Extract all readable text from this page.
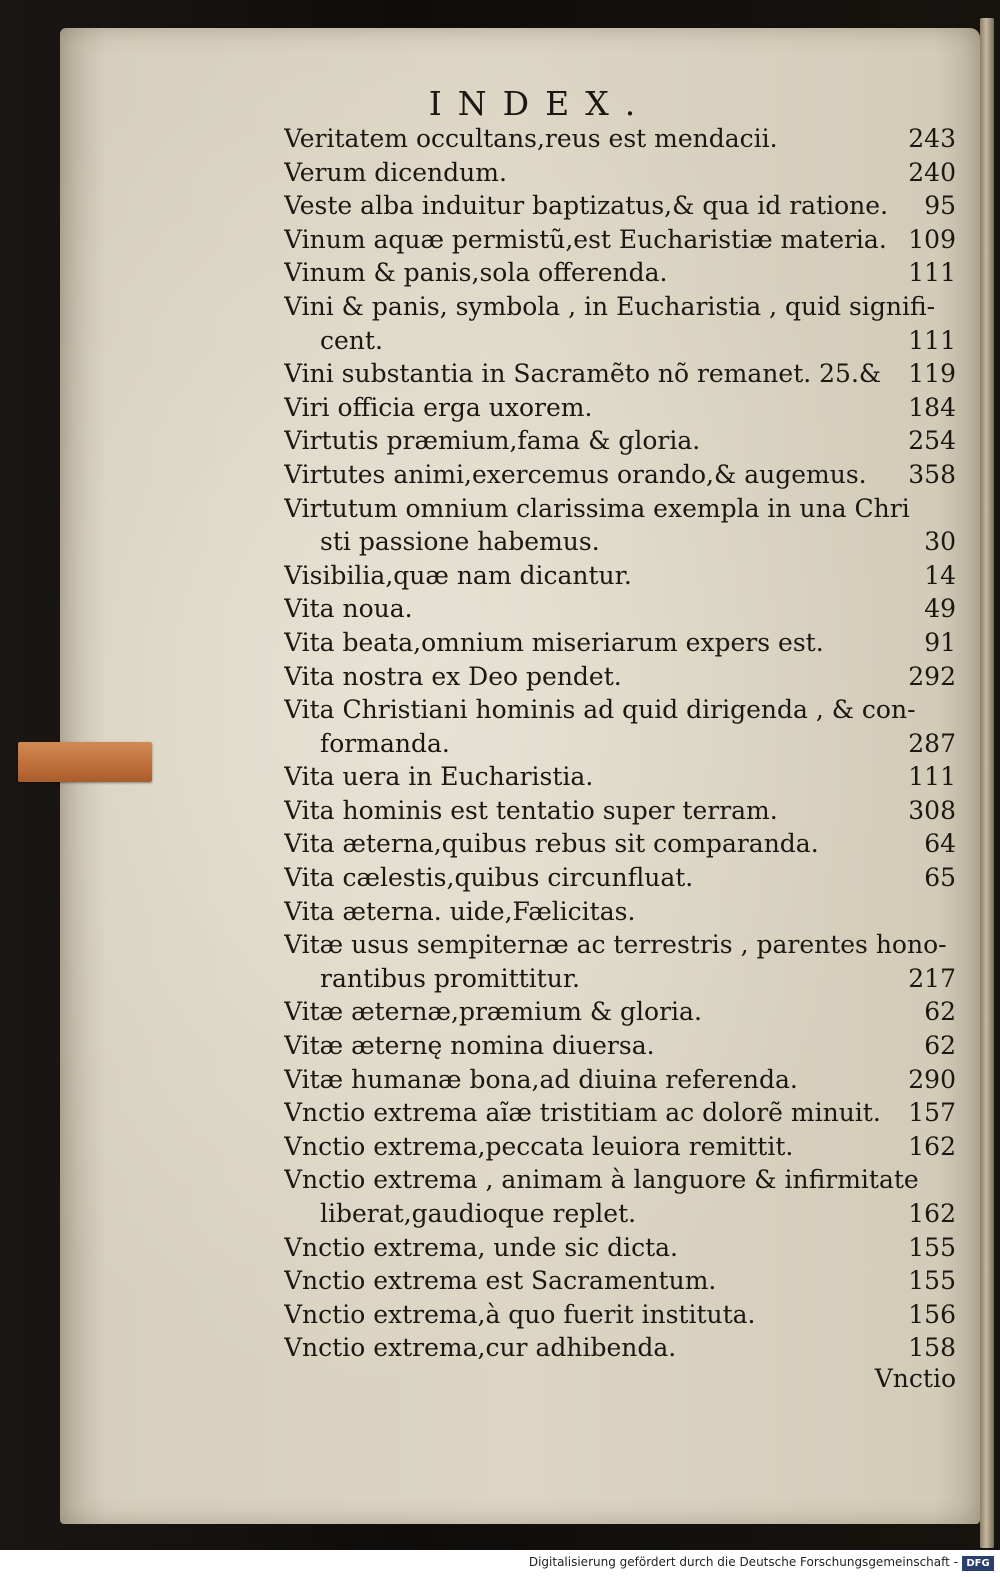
INDEX.
Veritatem occultans,reus est mendacii.	243
Verum dicendum.	240
Veste alba induitur baptizatus,& qua id ratione.	95
Vinum aquæ permistũ,est Eucharistiæ materia. 109
Vinum & panis,sola offerenda.	111
Vini & panis, symbola , in Eucharistia , quid signifi-
cent.	111
Vini substantia in Sacramẽto nõ remanet. 25.&	119
Viri officia erga uxorem.	184
Virtutis præmium,fama & gloria.	254
Virtutes animi,exercemus orando,& augemus.	358
Virtutum omnium clarissima exempla in una Chri
sti passione habemus.	30
Visibilia,quæ nam dicantur.	14
Vita noua.	49
Vita beata,omnium miseriarum expers est.	91
Vita nostra ex Deo pendet.	292
Vita Christiani hominis ad quid dirigenda , & con-
formanda.	287
Vita uera in Eucharistia.	111
Vita hominis est tentatio super terram.	308
Vita æterna,quibus rebus sit comparanda.	64
Vita cælestis,quibus circunfluat.	65
Vita æterna. uide,Fælicitas.
Vitæ usus sempiternæ ac terrestris , parentes hono-
rantibus promittitur.	217
Vitæ æternæ,præmium & gloria.	62
Vitæ æternę nomina diuersa.	62
Vitæ humanæ bona,ad diuina referenda.	290
Vnctio extrema aĩæ tristitiam ac dolorẽ minuit.	157
Vnctio extrema,peccata leuiora remittit.	162
Vnctio extrema , animam à languore & infirmitate
liberat,gaudioque replet.	162
Vnctio extrema, unde sic dicta.	155
Vnctio extrema est Sacramentum.	155
Vnctio extrema,à quo fuerit instituta.	156
Vnctio extrema,cur adhibenda.	158
Vnctio
Digitalisierung gefördert durch die Deutsche Forschungsgemeinschaft - DFG
